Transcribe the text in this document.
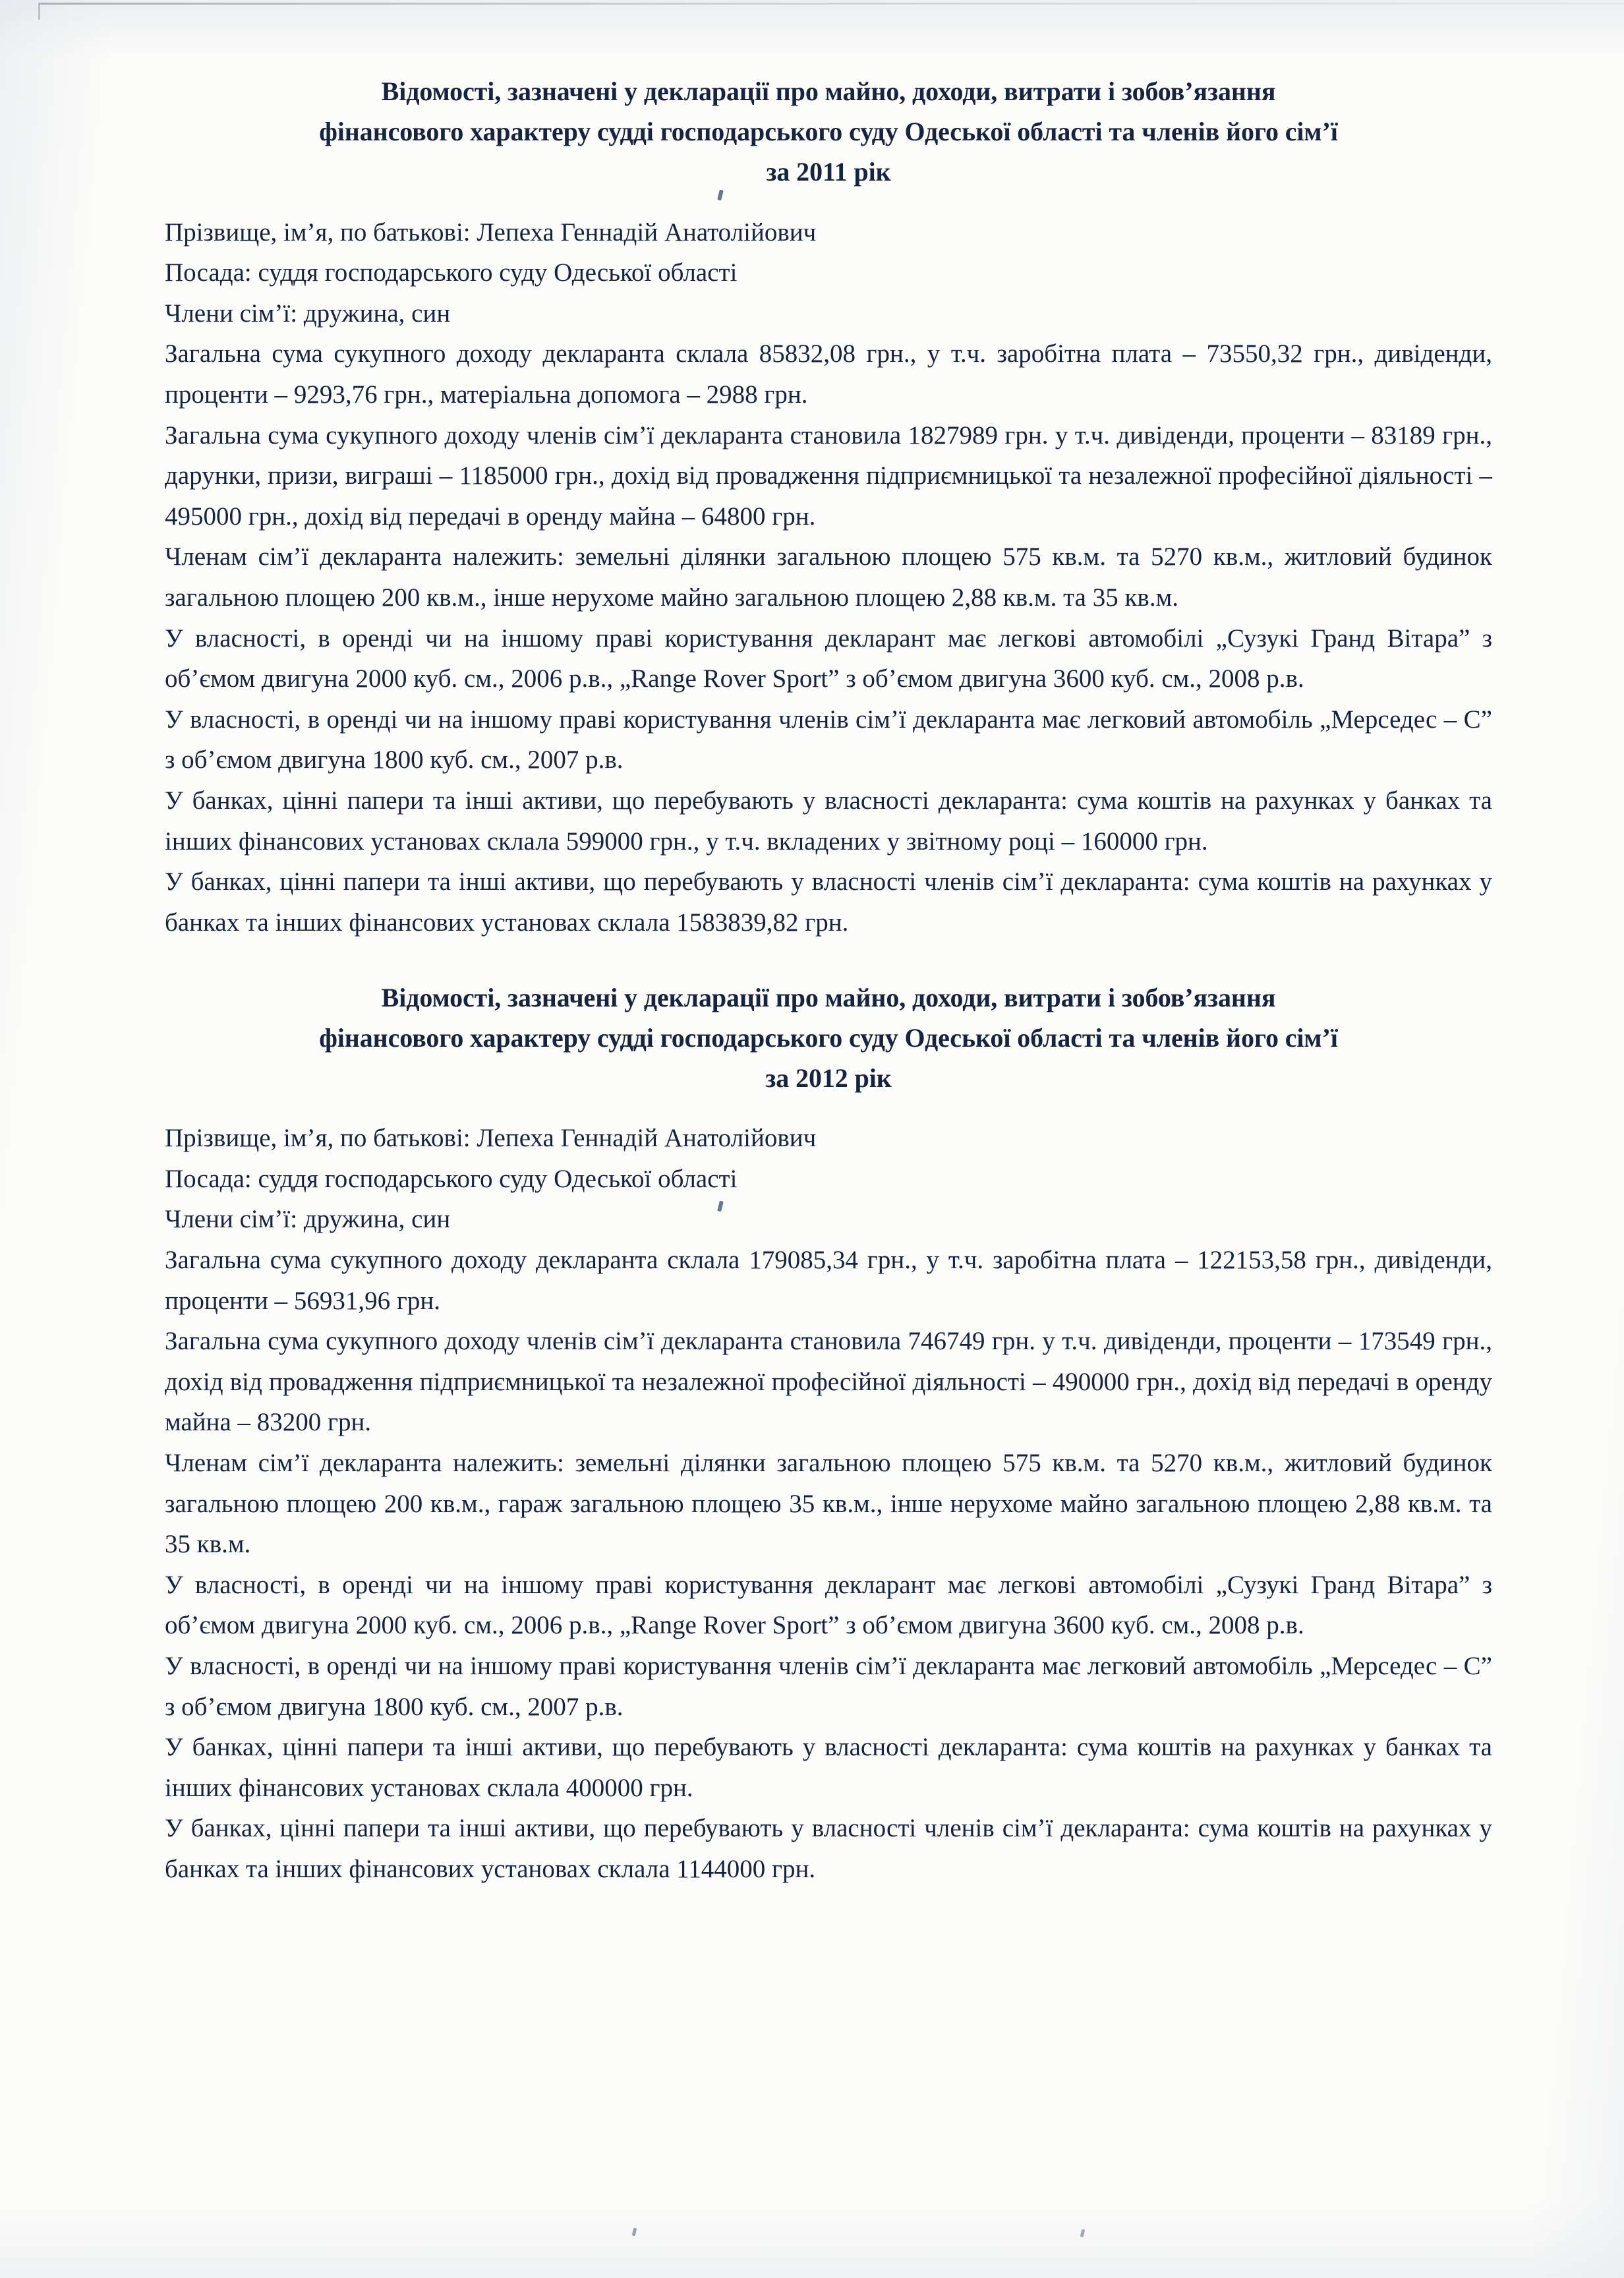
Відомості, зазначені у декларації про майно, доходи, витрати і зобов’язання
фінансового характеру судді господарського суду Одеської області та членів його сім’ї
за 2011 рік

Прізвище, ім’я, по батькові: Лепеха Геннадій Анатолійович

Посада: суддя господарського суду Одеської області

Члени сім’ї: дружина, син

Загальна сума сукупного доходу декларанта склала 85832,08 грн., у т.ч. заробітна плата – 73550,32 грн., дивіденди, проценти – 9293,76 грн., матеріальна допомога – 2988 грн.

Загальна сума сукупного доходу членів сім’ї декларанта становила 1827989 грн. у т.ч. дивіденди, проценти – 83189 грн., дарунки, призи, виграші – 1185000 грн., дохід від провадження підприємницької та незалежної професійної діяльності – 495000 грн., дохід від передачі в оренду майна – 64800 грн.

Членам сім’ї декларанта належить: земельні ділянки загальною площею 575 кв.м. та 5270 кв.м., житловий будинок загальною площею 200 кв.м., інше нерухоме майно загальною площею 2,88 кв.м. та 35 кв.м.

У власності, в оренді чи на іншому праві користування декларант має легкові автомобілі „Сузукі Гранд Вітара” з об’ємом двигуна 2000 куб. см., 2006 р.в., „Range Rover Sport” з об’ємом двигуна 3600 куб. см., 2008 р.в.

У власності, в оренді чи на іншому праві користування членів сім’ї декларанта має легковий автомобіль „Мерседес – С” з об’ємом двигуна 1800 куб. см., 2007 р.в.

У банках, цінні папери та інші активи, що перебувають у власності декларанта: сума коштів на рахунках у банках та інших фінансових установах склала 599000 грн., у т.ч. вкладених у звітному році – 160000 грн.

У банках, цінні папери та інші активи, що перебувають у власності членів сім’ї декларанта: сума коштів на рахунках у банках та інших фінансових установах склала 1583839,82 грн.

Відомості, зазначені у декларації про майно, доходи, витрати і зобов’язання
фінансового характеру судді господарського суду Одеської області та членів його сім’ї
за 2012 рік

Прізвище, ім’я, по батькові: Лепеха Геннадій Анатолійович

Посада: суддя господарського суду Одеської області

Члени сім’ї: дружина, син

Загальна сума сукупного доходу декларанта склала 179085,34 грн., у т.ч. заробітна плата – 122153,58 грн., дивіденди, проценти – 56931,96 грн.

Загальна сума сукупного доходу членів сім’ї декларанта становила 746749 грн. у т.ч. дивіденди, проценти – 173549 грн., дохід від провадження підприємницької та незалежної професійної діяльності – 490000 грн., дохід від передачі в оренду майна – 83200 грн.

Членам сім’ї декларанта належить: земельні ділянки загальною площею 575 кв.м. та 5270 кв.м., житловий будинок загальною площею 200 кв.м., гараж загальною площею 35 кв.м., інше нерухоме майно загальною площею 2,88 кв.м. та 35 кв.м.

У власності, в оренді чи на іншому праві користування декларант має легкові автомобілі „Сузукі Гранд Вітара” з об’ємом двигуна 2000 куб. см., 2006 р.в., „Range Rover Sport” з об’ємом двигуна 3600 куб. см., 2008 р.в.

У власності, в оренді чи на іншому праві користування членів сім’ї декларанта має легковий автомобіль „Мерседес – С” з об’ємом двигуна 1800 куб. см., 2007 р.в.

У банках, цінні папери та інші активи, що перебувають у власності декларанта: сума коштів на рахунках у банках та інших фінансових установах склала 400000 грн.

У банках, цінні папери та інші активи, що перебувають у власності членів сім’ї декларанта: сума коштів на рахунках у банках та інших фінансових установах склала 1144000 грн.
